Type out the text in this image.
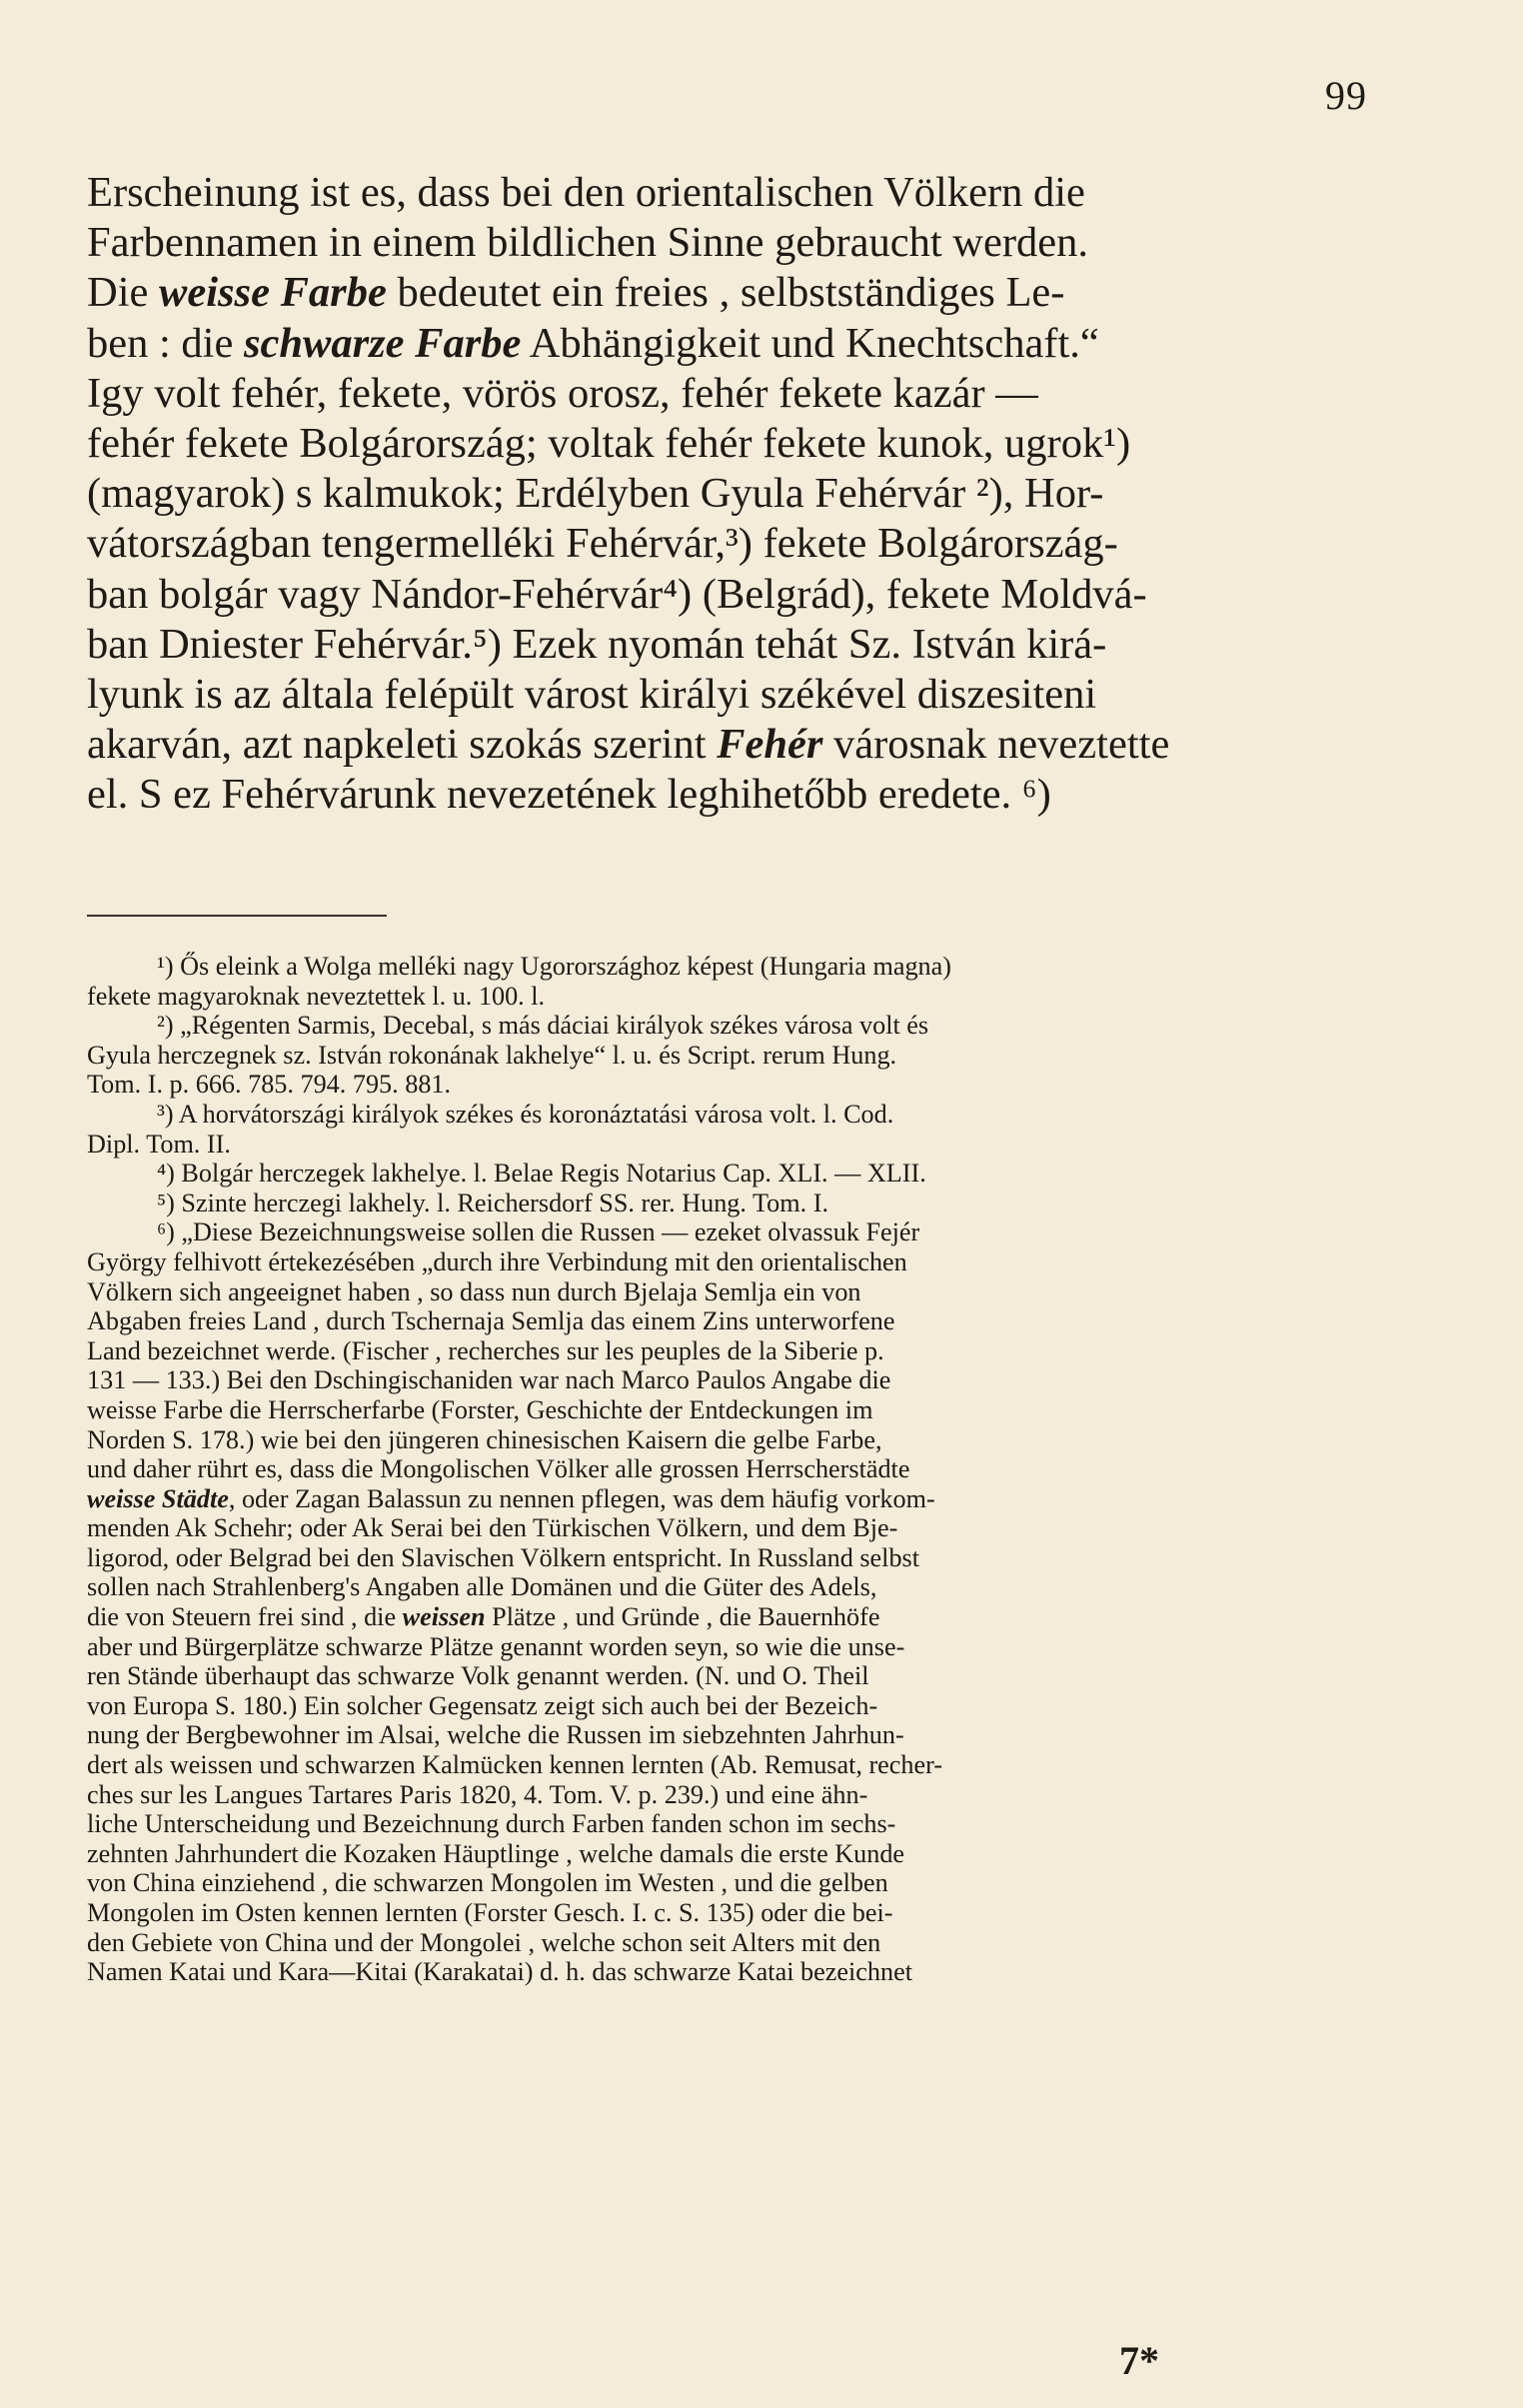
99
Erscheinung ist es, dass bei den orientalischen Völkern die
Farbennamen in einem bildlichen Sinne gebraucht werden.
Die weisse Farbe bedeutet ein freies , selbstständiges Le-
ben : die schwarze Farbe Abhängigkeit und Knechtschaft.“
Igy volt fehér, fekete, vörös orosz, fehér fekete kazár —
fehér fekete Bolgárország; voltak fehér fekete kunok, ugrok¹)
(magyarok) s kalmukok; Erdélyben Gyula Fehérvár ²), Hor-
vátországban tengermelléki Fehérvár,³) fekete Bolgárország-
ban bolgár vagy Nándor-Fehérvár⁴) (Belgrád), fekete Moldvá-
ban Dniester Fehérvár.⁵) Ezek nyomán tehát Sz. István kirá-
lyunk is az általa felépült várost királyi székével diszesiteni
akarván, azt napkeleti szokás szerint Fehér városnak neveztette
el. S ez Fehérvárunk nevezetének leghihetőbb eredete. ⁶)
¹) Ős eleink a Wolga melléki nagy Ugorországhoz képest (Hungaria magna)
fekete magyaroknak neveztettek l. u. 100. l.
²) „Régenten Sarmis, Decebal, s más dáciai királyok székes városa volt és
Gyula herczegnek sz. István rokonának lakhelye“ l. u. és Script. rerum Hung.
Tom. I. p. 666. 785. 794. 795. 881.
³) A horvátországi királyok székes és koronáztatási városa volt. l. Cod.
Dipl. Tom. II.
⁴) Bolgár herczegek lakhelye. l. Belae Regis Notarius Cap. XLI. — XLII.
⁵) Szinte herczegi lakhely. l. Reichersdorf SS. rer. Hung. Tom. I.
⁶) „Diese Bezeichnungsweise sollen die Russen — ezeket olvassuk Fejér
György felhivott értekezésében „durch ihre Verbindung mit den orientalischen
Völkern sich angeeignet haben , so dass nun durch Bjelaja Semlja ein von
Abgaben freies Land , durch Tschernaja Semlja das einem Zins unterworfene
Land bezeichnet werde. (Fischer , recherches sur les peuples de la Siberie p.
131 — 133.) Bei den Dschingischaniden war nach Marco Paulos Angabe die
weisse Farbe die Herrscherfarbe (Forster, Geschichte der Entdeckungen im
Norden S. 178.) wie bei den jüngeren chinesischen Kaisern die gelbe Farbe,
und daher rührt es, dass die Mongolischen Völker alle grossen Herrscherstädte
weisse Städte, oder Zagan Balassun zu nennen pflegen, was dem häufig vorkom-
menden Ak Schehr; oder Ak Serai bei den Türkischen Völkern, und dem Bje-
ligorod, oder Belgrad bei den Slavischen Völkern entspricht. In Russland selbst
sollen nach Strahlenberg's Angaben alle Domänen und die Güter des Adels,
die von Steuern frei sind , die weissen Plätze , und Gründe , die Bauernhöfe
aber und Bürgerplätze schwarze Plätze genannt worden seyn, so wie die unse-
ren Stände überhaupt das schwarze Volk genannt werden. (N. und O. Theil
von Europa S. 180.) Ein solcher Gegensatz zeigt sich auch bei der Bezeich-
nung der Bergbewohner im Alsai, welche die Russen im siebzehnten Jahrhun-
dert als weissen und schwarzen Kalmücken kennen lernten (Ab. Remusat, recher-
ches sur les Langues Tartares Paris 1820, 4. Tom. V. p. 239.) und eine ähn-
liche Unterscheidung und Bezeichnung durch Farben fanden schon im sechs-
zehnten Jahrhundert die Kozaken Häuptlinge , welche damals die erste Kunde
von China einziehend , die schwarzen Mongolen im Westen , und die gelben
Mongolen im Osten kennen lernten (Forster Gesch. I. c. S. 135) oder die bei-
den Gebiete von China und der Mongolei , welche schon seit Alters mit den
Namen Katai und Kara—Kitai (Karakatai) d. h. das schwarze Katai bezeichnet
7*
